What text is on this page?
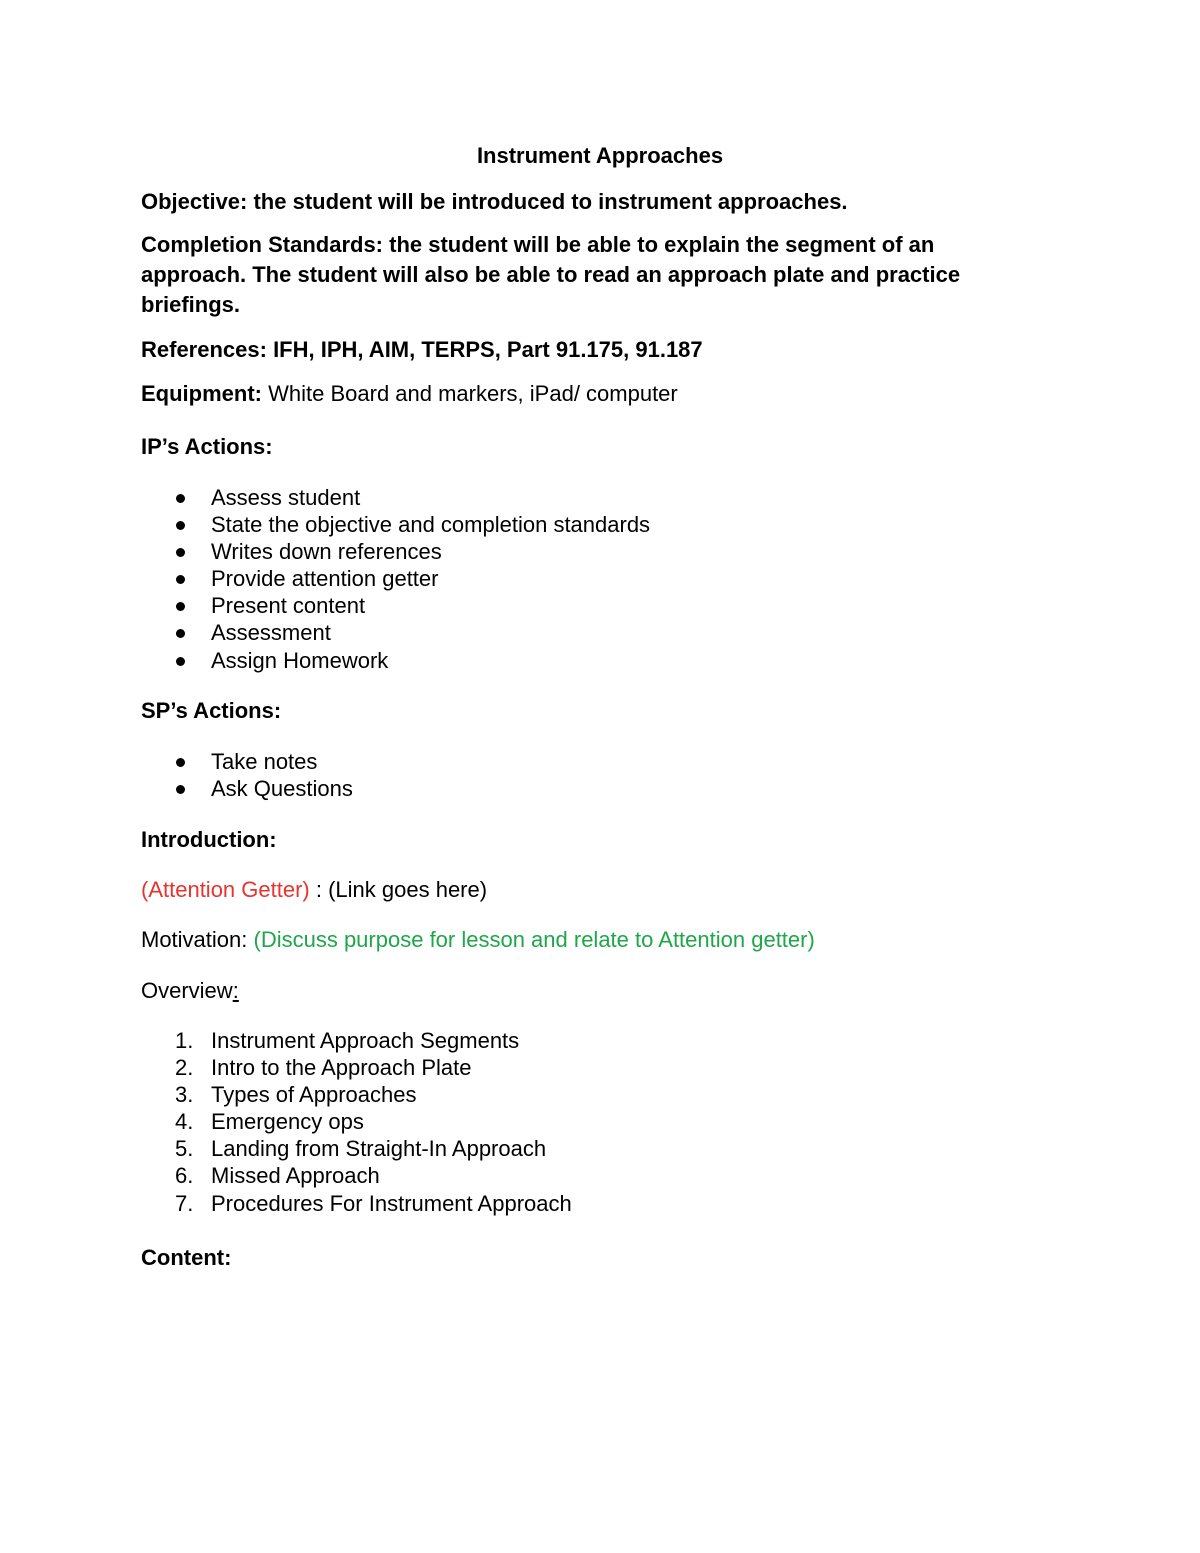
Instrument Approaches

Objective: the student will be introduced to instrument approaches.

Completion Standards: the student will be able to explain the segment of an approach. The student will also be able to read an approach plate and practice briefings.

References: IFH, IPH, AIM, TERPS, Part 91.175, 91.187

Equipment: White Board and markers, iPad/ computer

IP’s Actions:

Assess student
State the objective and completion standards
Writes down references
Provide attention getter
Present content
Assessment
Assign Homework

SP’s Actions:

Take notes
Ask Questions

Introduction:

(Attention Getter) : (Link goes here)

Motivation: (Discuss purpose for lesson and relate to Attention getter)

Overview:

1. Instrument Approach Segments
2. Intro to the Approach Plate
3. Types of Approaches
4. Emergency ops
5. Landing from Straight-In Approach
6. Missed Approach
7. Procedures For Instrument Approach

Content:
